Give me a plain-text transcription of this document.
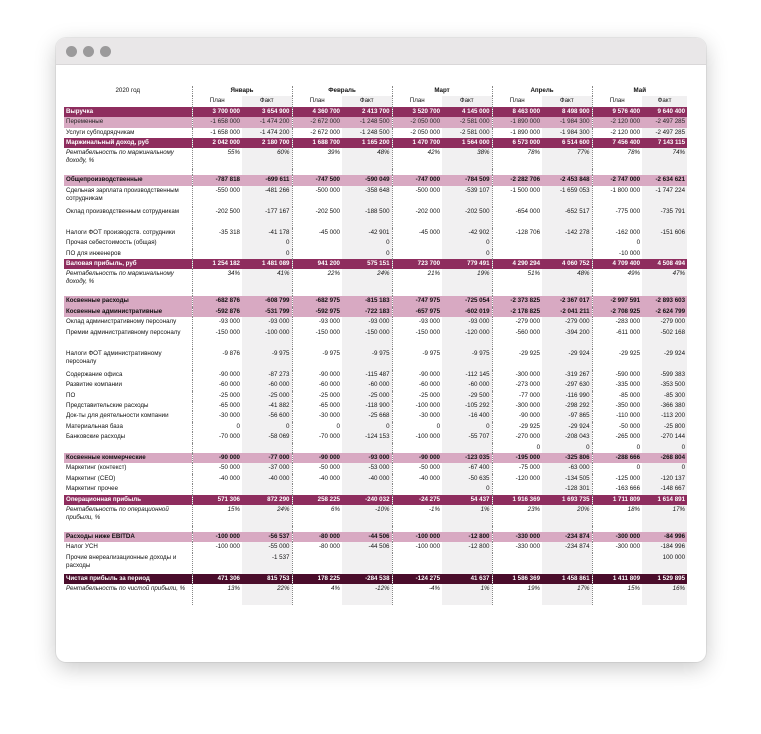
2020 год	Январь		Февраль		Март		Апрель		Май	
	План	Факт	План	Факт	План	Факт	План	Факт	План	Факт
Выручка	3 700 000	3 654 900	4 360 700	2 413 700	3 520 700	4 145 000	8 463 000	8 498 900	9 576 400	9 640 400
Переменные	-1 658 000	-1 474 200	-2 672 000	-1 248 500	-2 050 000	-2 581 000	-1 890 000	-1 984 300	-2 120 000	-2 497 285
Услуги субподрядчикам	-1 658 000	-1 474 200	-2 672 000	-1 248 500	-2 050 000	-2 581 000	-1 890 000	-1 984 300	-2 120 000	-2 497 285
Маржинальный доход, руб	2 042 000	2 180 700	1 688 700	1 165 200	1 470 700	1 564 000	6 573 000	6 514 600	7 456 400	7 143 115
Рентабельность по маржинальному доходу, %	55%	60%	39%	48%	42%	38%	78%	77%	78%	74%

Общепроизводственные	-787 818	-699 611	-747 500	-590 049	-747 000	-784 509	-2 282 706	-2 453 848	-2 747 000	-2 634 621
Сдельная зарплата производственным сотрудникам	-550 000	-481 266	-500 000	-358 648	-500 000	-539 107	-1 500 000	-1 659 053	-1 800 000	-1 747 224
Оклад производственным сотрудникам	-202 500	-177 167	-202 500	-188 500	-202 000	-202 500	-654 000	-652 517	-775 000	-735 791
Налоги ФОТ производств. сотрудники	-35 318	-41 178	-45 000	-42 901	-45 000	-42 902	-128 706	-142 278	-162 000	-151 606
Прочая себестоимость (общая)		0		0		0			0	
ПО для инженеров		0		0		0			-10 000	
Валовая прибыль, руб	1 254 182	1 481 089	941 200	575 151	723 700	779 491	4 290 294	4 060 752	4 709 400	4 508 494
Рентабельность по маржинальному доходу, %	34%	41%	22%	24%	21%	19%	51%	48%	49%	47%

Косвенные расходы	-682 876	-608 799	-682 975	-815 183	-747 975	-725 054	-2 373 825	-2 367 017	-2 997 591	-2 893 603
Косвенные административные	-592 876	-531 799	-592 975	-722 183	-657 975	-602 019	-2 178 825	-2 041 211	-2 708 925	-2 624 799
Оклад административному персоналу	-93 000	-93 000	-93 000	-93 000	-93 000	-93 000	-279 000	-279 000	-283 000	-279 000
Премии административному персоналу	-150 000	-100 000	-150 000	-150 000	-150 000	-120 000	-560 000	-394 200	-611 000	-502 168
Налоги ФОТ административному персоналу	-9 876	-9 975	-9 975	-9 975	-9 975	-9 975	-29 925	-29 924	-29 925	-29 924
Содержание офиса	-90 000	-87 273	-90 000	-115 487	-90 000	-112 145	-300 000	-319 267	-590 000	-599 383
Развитие компании	-60 000	-60 000	-60 000	-60 000	-60 000	-60 000	-273 000	-297 630	-335 000	-353 500
ПО	-25 000	-25 000	-25 000	-25 000	-25 000	-29 500	-77 000	-116 990	-85 000	-85 300
Представительские расходы	-65 000	-41 882	-65 000	-118 900	-100 000	-105 292	-300 000	-298 292	-350 000	-366 380
Док-ты для деятельности компании	-30 000	-56 600	-30 000	-25 668	-30 000	-16 400	-90 000	-97 865	-110 000	-113 200
Материальная база	0	0	0	0	0	0	-29 925	-29 924	-50 000	-25 800
Банковские расходы	-70 000	-58 069	-70 000	-124 153	-100 000	-55 707	-270 000	-208 043	-265 000	-270 144
							0	0	0	0
Косвенные коммерческие	-90 000	-77 000	-90 000	-93 000	-90 000	-123 035	-195 000	-325 806	-288 666	-268 804
Маркетинг (контекст)	-50 000	-37 000	-50 000	-53 000	-50 000	-67 400	-75 000	-63 000	0	0
Маркетинг (СЕО)	-40 000	-40 000	-40 000	-40 000	-40 000	-50 635	-120 000	-134 505	-125 000	-120 137
Маркетинг прочее						0		-128 301	-163 666	-148 667
Операционная прибыль	571 306	872 290	258 225	-240 032	-24 275	54 437	1 916 369	1 693 735	1 711 809	1 614 891
Рентабельность по операционной прибыли, %	15%	24%	6%	-10%	-1%	1%	23%	20%	18%	17%

Расходы ниже EBITDA	-100 000	-56 537	-80 000	-44 506	-100 000	-12 800	-330 000	-234 874	-300 000	-84 996
Налог УСН	-100 000	-55 000	-80 000	-44 506	-100 000	-12 800	-330 000	-234 874	-300 000	-184 996
Прочие внереализационные доходы и расходы		-1 537								100 000
Чистая прибыль за период	471 306	815 753	178 225	-284 538	-124 275	41 637	1 586 369	1 458 861	1 411 809	1 529 895
Рентабельность по чистой прибыли, %	13%	22%	4%	-12%	-4%	1%	19%	17%	15%	16%
